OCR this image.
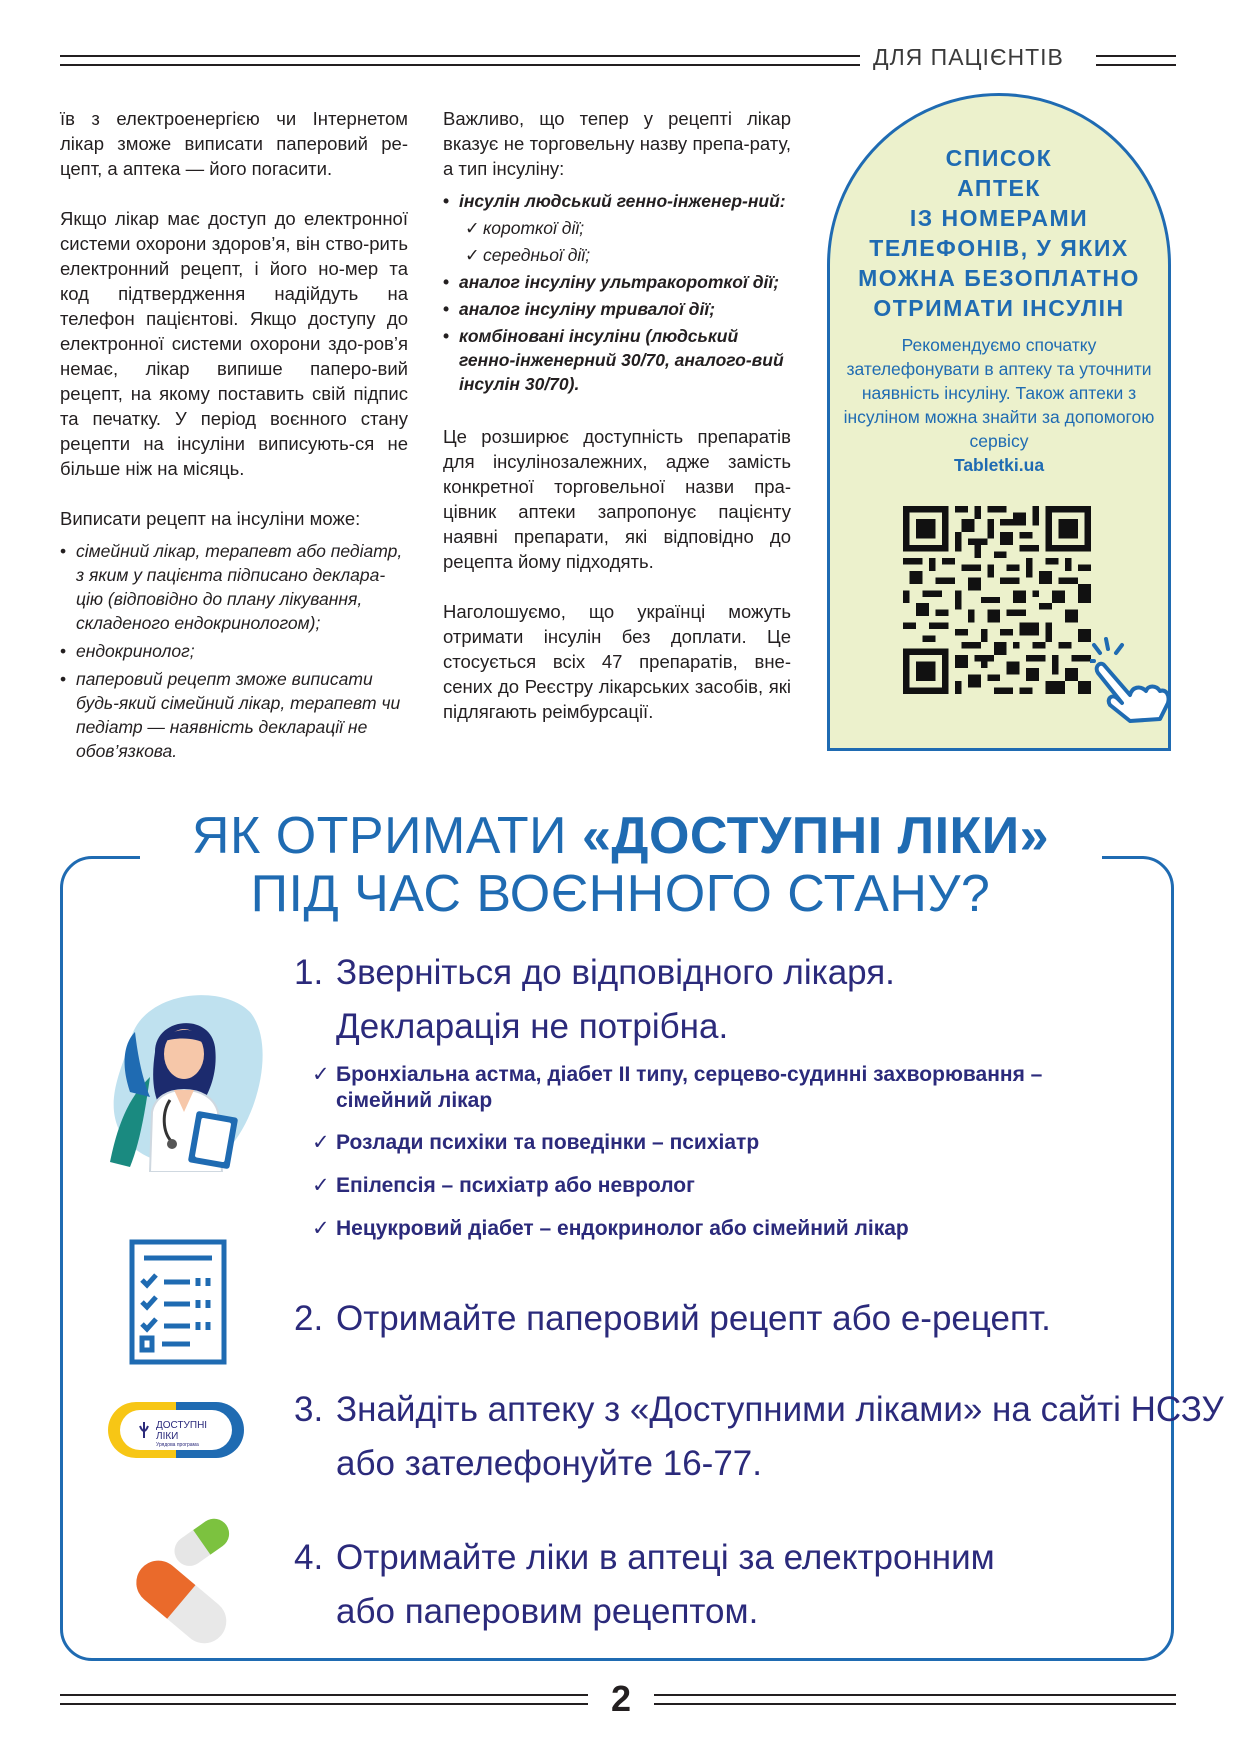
ДЛЯ ПАЦІЄНТІВ

їв з електроенергією чи Інтернетом лікар зможе виписати паперовий ре-цепт, а аптека — його погасити.

Якщо лікар має доступ до електронної системи охорони здоров’я, він ство-рить електронний рецепт, і його но-мер та код підтвердження надійдуть на телефон пацієнтові. Якщо доступу до електронної системи охорони здо-ров’я немає, лікар випише паперо-вий рецепт, на якому поставить свій підпис та печатку. У період воєнного стану рецепти на інсуліни виписують-ся не більше ніж на місяць.

Виписати рецепт на інсуліни може:

• сімейний лікар, терапевт або педіатр, з яким у пацієнта підписано деклара-цію (відповідно до плану лікування, складеного ендокринологом);
• ендокринолог;
• паперовий рецепт зможе виписати будь-який сімейний лікар, терапевт чи педіатр — наявність декларації не обов’язкова.

Важливо, що тепер у рецепті лікар вказує не торговельну назву препа-рату, а тип інсуліну:

• інсулін людський генно-інженер-ний:
✓ короткої дії;
✓ середньої дії;
• аналог інсуліну ультракороткої дії;
• аналог інсуліну тривалої дії;
• комбіновані інсуліни (людський генно-інженерний 30/70, аналого-вий інсулін 30/70).

Це розширює доступність препаратів для інсулінозалежних, адже замість конкретної торговельної назви пра-цівник аптеки запропонує пацієнту наявні препарати, які відповідно до рецепта йому підходять.

Наголошуємо, що українці можуть отримати інсулін без доплати. Це стосується всіх 47 препаратів, вне-сених до Реєстру лікарських засобів, які підлягають реімбурсації.

СПИСОК
АПТЕК
ІЗ НОМЕРАМИ
ТЕЛЕФОНІВ, У ЯКИХ
МОЖНА БЕЗОПЛАТНО
ОТРИМАТИ ІНСУЛІН
Рекомендуємо спочатку зателефонувати в аптеку та уточнити наявність інсуліну. Також аптеки з інсуліном можна знайти за допомогою сервісу
Tabletki.ua
ЯК ОТРИМАТИ «ДОСТУПНІ ЛІКИ»
ПІД ЧАС ВОЄННОГО СТАНУ?
ДОСТУПНІ
ЛІКИ
Урядова програма
1. Зверніться до відповідного лікаря.
Декларація не потрібна.
✓ Бронхіальна астма, діабет ІІ типу, серцево-судинні захворювання – сімейний лікар
✓ Розлади психіки та поведінки – психіатр
✓ Епілепсія – психіатр або невролог
✓ Нецукровий діабет – ендокринолог або сімейний лікар
2. Отримайте паперовий рецепт або е-рецепт.
3. Знайдіть аптеку з «Доступними ліками» на сайті НСЗУ
або зателефонуйте 16-77.
4. Отримайте ліки в аптеці за електронним
або паперовим рецептом.
2
